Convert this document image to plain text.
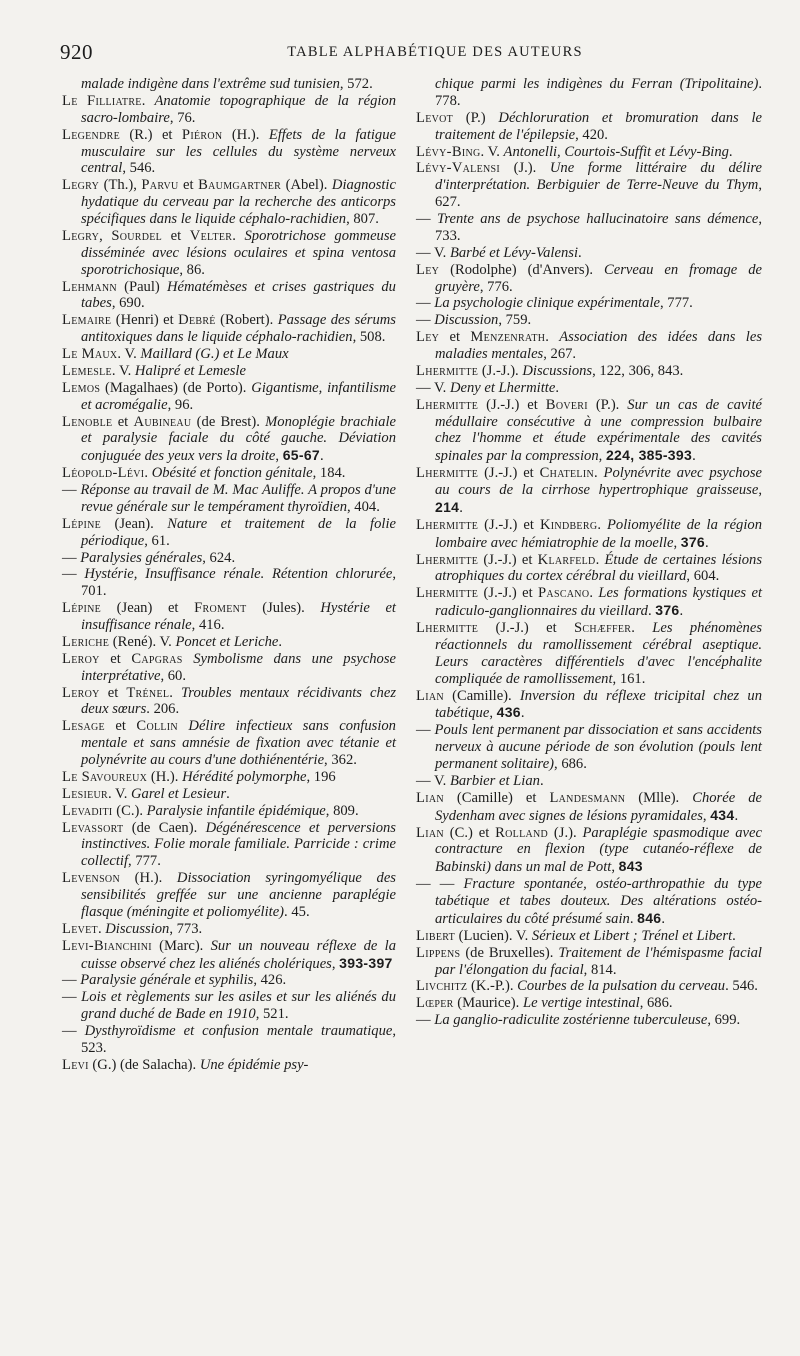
920	TABLE ALPHABÉTIQUE DES AUTEURS

malade indigène dans l'extrême sud tunisien, 572.

Le Filliatre. Anatomie topographique de la région sacro-lombaire, 76.

Legendre (R.) et Piéron (H.). Effets de la fatigue musculaire sur les cellules du système nerveux central, 546.

Legry (Th.), Parvu et Baumgartner (Abel). Diagnostic hydatique du cerveau par la recherche des anticorps spécifiques dans le liquide céphalo-rachidien, 807.

Legry, Sourdel et Velter. Sporotrichose gommeuse disséminée avec lésions oculaires et spina ventosa sporotrichosique, 86.

Lehmann (Paul) Hématémèses et crises gastriques du tabes, 690.

Lemaire (Henri) et Debré (Robert). Passage des sérums antitoxiques dans le liquide céphalo-rachidien, 508.

Le Maux. V. Maillard (G.) et Le Maux

Lemesle. V. Halipré et Lemesle

Lemos (Magalhaes) (de Porto). Gigantisme, infantilisme et acromégalie, 96.

Lenoble et Aubineau (de Brest). Monoplégie brachiale et paralysie faciale du côté gauche. Déviation conjuguée des yeux vers la droite, 65-67.

Léopold-Lévi. Obésité et fonction génitale, 184.

— Réponse au travail de M. Mac Auliffe. A propos d'une revue générale sur le tempérament thyroïdien, 404.

Lépine (Jean). Nature et traitement de la folie périodique, 61.

— Paralysies générales, 624.

— Hystérie, Insuffisance rénale. Rétention chlorurée, 701.

Lépine (Jean) et Froment (Jules). Hystérie et insuffisance rénale, 416.

Leriche (René). V. Poncet et Leriche.

Leroy et Capgras Symbolisme dans une psychose interprétative, 60.

Leroy et Trénel. Troubles mentaux récidivants chez deux sœurs. 206.

Lesage et Collin Délire infectieux sans confusion mentale et sans amnésie de fixation avec tétanie et polynévrite au cours d'une dothiénentérie, 362.

Le Savoureux (H.). Hérédité polymorphe, 196

Lesieur. V. Garel et Lesieur.

Levaditi (C.). Paralysie infantile épidémique, 809.

Levassort (de Caen). Dégénérescence et perversions instinctives. Folie morale familiale. Parricide : crime collectif, 777.

Levenson (H.). Dissociation syringomyélique des sensibilités greffée sur une ancienne paraplégie flasque (méningite et poliomyélite). 45.

Levet. Discussion, 773.

Levi-Bianchini (Marc). Sur un nouveau réflexe de la cuisse observé chez les aliénés cholériques, 393-397

— Paralysie générale et syphilis, 426.

— Lois et règlements sur les asiles et sur les aliénés du grand duché de Bade en 1910, 521.

— Dysthyroïdisme et confusion mentale traumatique, 523.

Levi (G.) (de Salacha). Une épidémie psy-

chique parmi les indigènes du Ferran (Tripolitaine). 778.

Levot (P.) Déchloruration et bromuration dans le traitement de l'épilepsie, 420.

Lévy-Bing. V. Antonelli, Courtois-Suffit et Lévy-Bing.

Lévy-Valensi (J.). Une forme littéraire du délire d'interprétation. Berbiguier de Terre-Neuve du Thym, 627.

— Trente ans de psychose hallucinatoire sans démence, 733.

— V. Barbé et Lévy-Valensi.

Ley (Rodolphe) (d'Anvers). Cerveau en fromage de gruyère, 776.

— La psychologie clinique expérimentale, 777.

— Discussion, 759.

Ley et Menzenrath. Association des idées dans les maladies mentales, 267.

Lhermitte (J.-J.). Discussions, 122, 306, 843.

— V. Deny et Lhermitte.

Lhermitte (J.-J.) et Boveri (P.). Sur un cas de cavité médullaire consécutive à une compression bulbaire chez l'homme et étude expérimentale des cavités spinales par la compression, 224, 385-393.

Lhermitte (J.-J.) et Chatelin. Polynévrite avec psychose au cours de la cirrhose hypertrophique graisseuse, 214.

Lhermitte (J.-J.) et Kindberg. Poliomyélite de la région lombaire avec hémiatrophie de la moelle, 376.

Lhermitte (J.-J.) et Klarfeld. Étude de certaines lésions atrophiques du cortex cérébral du vieillard, 604.

Lhermitte (J.-J.) et Pascano. Les formations kystiques et radiculo-ganglionnaires du vieillard. 376.

Lhermitte (J.-J.) et Schæffer. Les phénomènes réactionnels du ramollissement cérébral aseptique. Leurs caractères différentiels d'avec l'encéphalite compliquée de ramollissement, 161.

Lian (Camille). Inversion du réflexe tricipital chez un tabétique, 436.

— Pouls lent permanent par dissociation et sans accidents nerveux à aucune période de son évolution (pouls lent permanent solitaire), 686.

— V. Barbier et Lian.

Lian (Camille) et Landesmann (Mlle). Chorée de Sydenham avec signes de lésions pyramidales, 434.

Lian (C.) et Rolland (J.). Paraplégie spasmodique avec contracture en flexion (type cutanéo-réflexe de Babinski) dans un mal de Pott, 843

— — Fracture spontanée, ostéo-arthropathie du type tabétique et tabes douteux. Des altérations ostéo-articulaires du côté présumé sain. 846.

Libert (Lucien). V. Sérieux et Libert ; Trénel et Libert.

Lippens (de Bruxelles). Traitement de l'hémispasme facial par l'élongation du facial, 814.

Livchitz (K.-P.). Courbes de la pulsation du cerveau. 546.

Lœper (Maurice). Le vertige intestinal, 686.

— La ganglio-radiculite zostérienne tuberculeuse, 699.
